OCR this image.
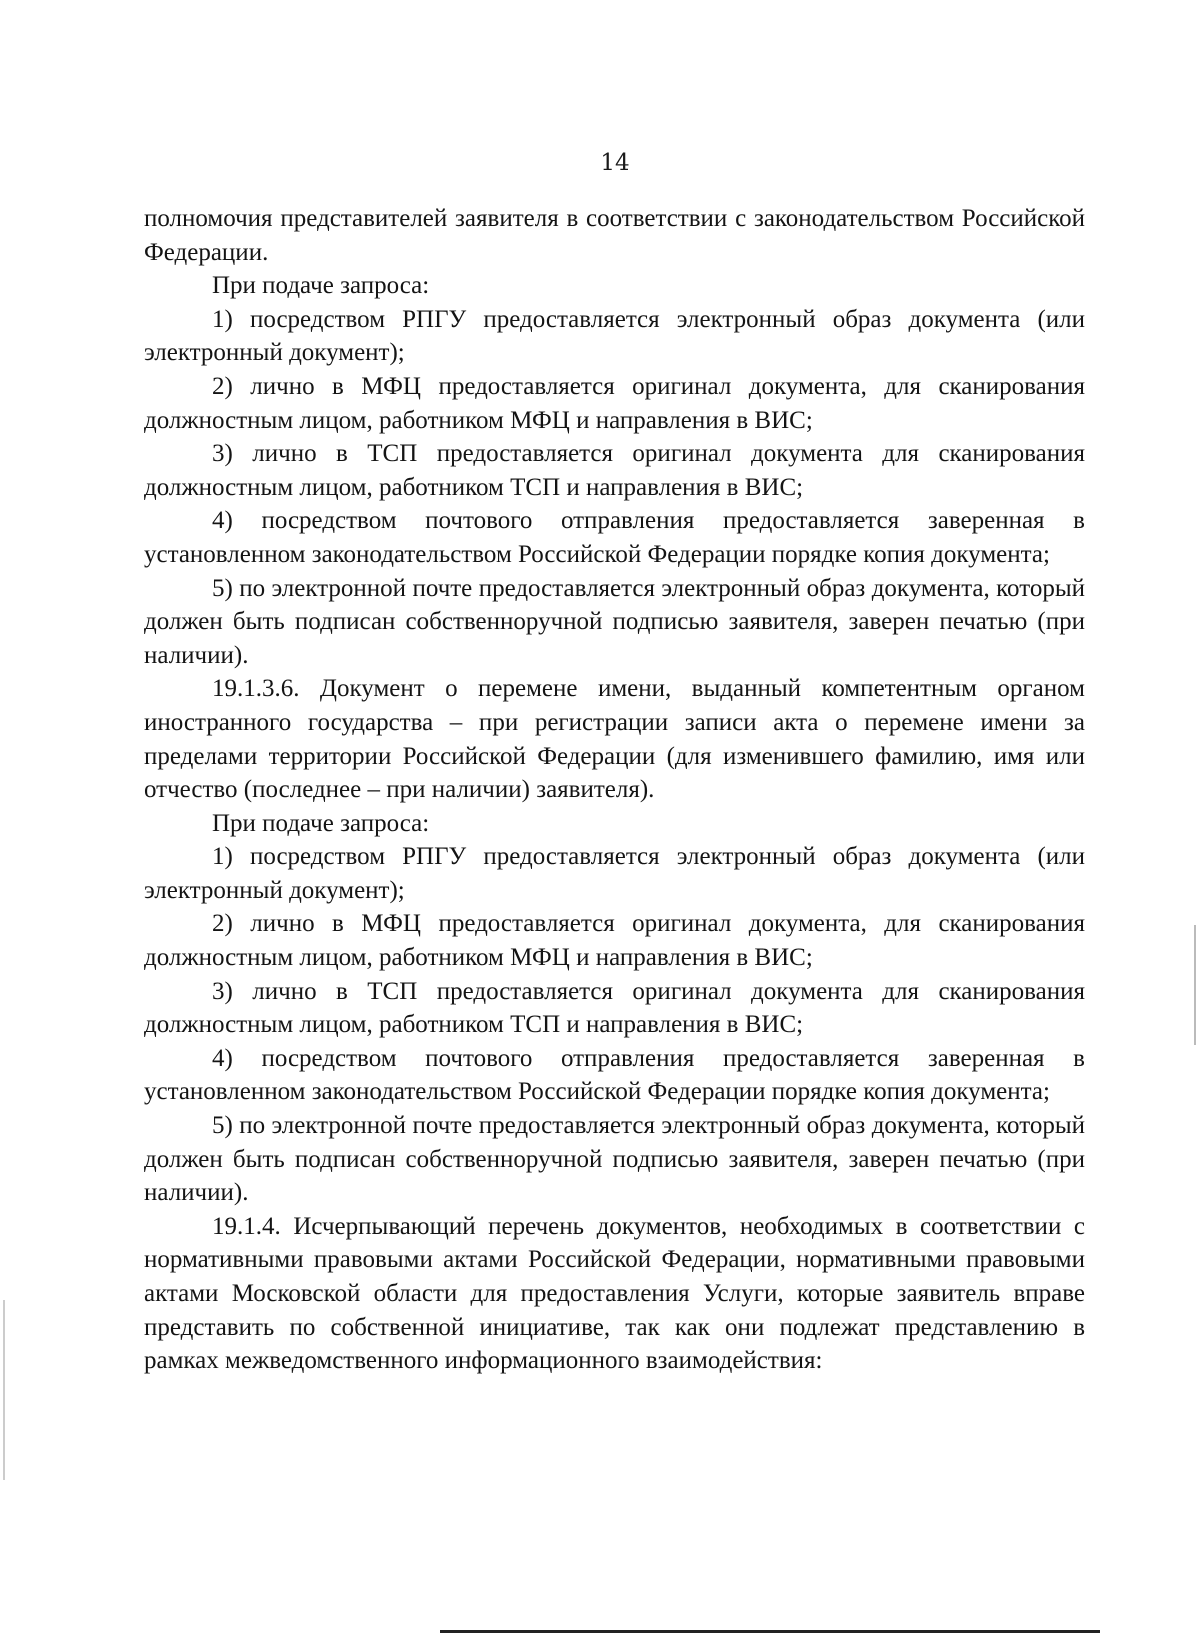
14

полномочия представителей заявителя в соответствии с законодательством Российской Федерации.

При подаче запроса:

1) посредством РПГУ предоставляется электронный образ документа (или электронный документ);

2) лично в МФЦ предоставляется оригинал документа, для сканирования должностным лицом, работником МФЦ и направления в ВИС;

3) лично в ТСП предоставляется оригинал документа для сканирования должностным лицом, работником ТСП и направления в ВИС;

4) посредством почтового отправления предоставляется заверенная в установленном законодательством Российской Федерации порядке копия документа;

5) по электронной почте предоставляется электронный образ документа, который должен быть подписан собственноручной подписью заявителя, заверен печатью (при наличии).

19.1.3.6. Документ о перемене имени, выданный компетентным органом иностранного государства – при регистрации записи акта о перемене имени за пределами территории Российской Федерации (для изменившего фамилию, имя или отчество (последнее – при наличии) заявителя).

При подаче запроса:

1) посредством РПГУ предоставляется электронный образ документа (или электронный документ);

2) лично в МФЦ предоставляется оригинал документа, для сканирования должностным лицом, работником МФЦ и направления в ВИС;

3) лично в ТСП предоставляется оригинал документа для сканирования должностным лицом, работником ТСП и направления в ВИС;

4) посредством почтового отправления предоставляется заверенная в установленном законодательством Российской Федерации порядке копия документа;

5) по электронной почте предоставляется электронный образ документа, который должен быть подписан собственноручной подписью заявителя, заверен печатью (при наличии).

19.1.4. Исчерпывающий перечень документов, необходимых в соответствии с нормативными правовыми актами Российской Федерации, нормативными правовыми актами Московской области для предоставления Услуги, которые заявитель вправе представить по собственной инициативе, так как они подлежат представлению в рамках межведомственного информационного взаимодействия:
